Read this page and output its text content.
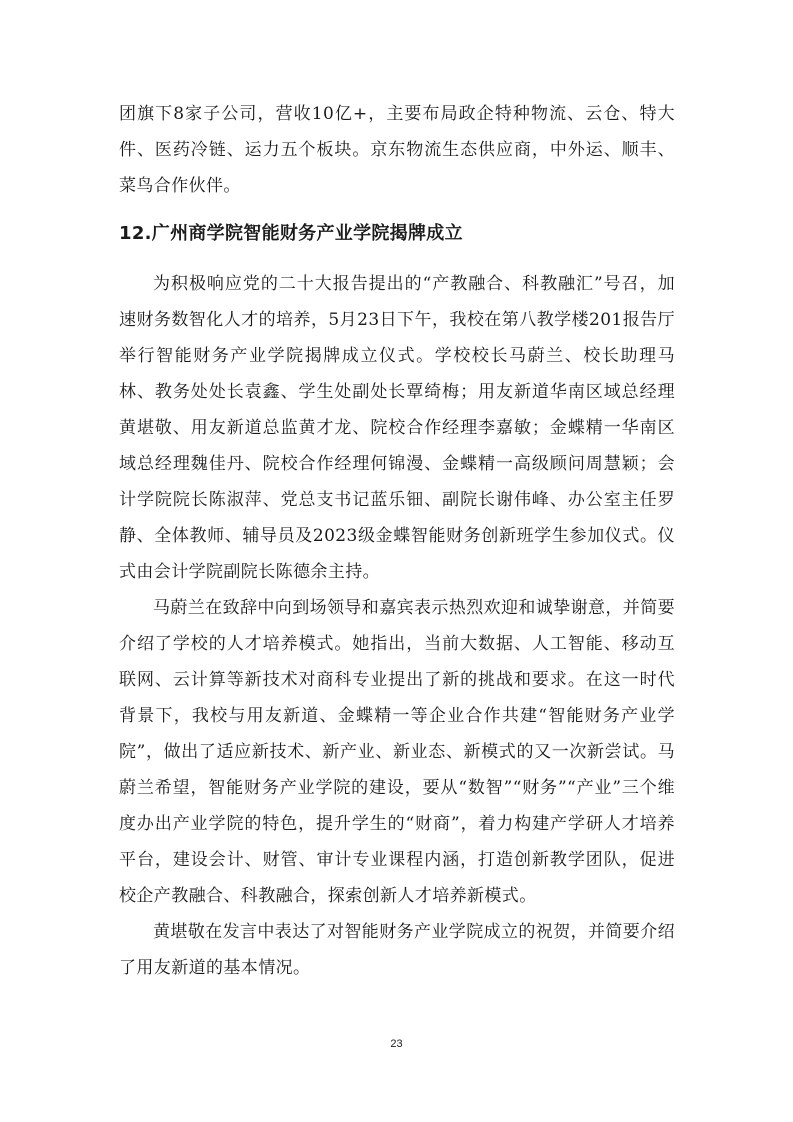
团旗下8家子公司，营收10亿+，主要布局政企特种物流、云仓、特大件、医药冷链、运力五个板块。京东物流生态供应商，中外运、顺丰、菜鸟合作伙伴。

12.广州商学院智能财务产业学院揭牌成立

为积极响应党的二十大报告提出的“产教融合、科教融汇”号召，加速财务数智化人才的培养，5月23日下午，我校在第八教学楼201报告厅举行智能财务产业学院揭牌成立仪式。学校校长马蔚兰、校长助理马林、教务处处长袁鑫、学生处副处长覃绮梅；用友新道华南区域总经理黄堪敬、用友新道总监黄才龙、院校合作经理李嘉敏；金蝶精一华南区域总经理魏佳丹、院校合作经理何锦漫、金蝶精一高级顾问周慧颖；会计学院院长陈淑萍、党总支书记蓝乐钿、副院长谢伟峰、办公室主任罗静、全体教师、辅导员及2023级金蝶智能财务创新班学生参加仪式。仪式由会计学院副院长陈德余主持。

马蔚兰在致辞中向到场领导和嘉宾表示热烈欢迎和诚挚谢意，并简要介绍了学校的人才培养模式。她指出，当前大数据、人工智能、移动互联网、云计算等新技术对商科专业提出了新的挑战和要求。在这一时代背景下，我校与用友新道、金蝶精一等企业合作共建“智能财务产业学院”，做出了适应新技术、新产业、新业态、新模式的又一次新尝试。马蔚兰希望，智能财务产业学院的建设，要从“数智”“财务”“产业”三个维度办出产业学院的特色，提升学生的“财商”，着力构建产学研人才培养平台，建设会计、财管、审计专业课程内涵，打造创新教学团队，促进校企产教融合、科教融合，探索创新人才培养新模式。

黄堪敬在发言中表达了对智能财务产业学院成立的祝贺，并简要介绍了用友新道的基本情况。

23
